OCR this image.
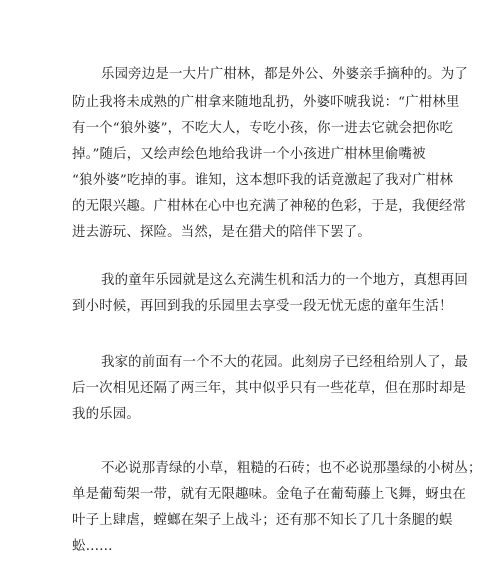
乐园旁边是一大片广柑林，都是外公、外婆亲手摘种的。为了
防止我将未成熟的广柑拿来随地乱扔，外婆吓唬我说：“广柑林里
有一个“狼外婆”，不吃大人，专吃小孩，你一进去它就会把你吃
掉。”随后，又绘声绘色地给我讲一个小孩进广柑林里偷嘴被
“狼外婆”吃掉的事。谁知，这本想吓我的话竟激起了我对广柑林
的无限兴趣。广柑林在心中也充满了神秘的色彩，于是，我便经常
进去游玩、探险。当然，是在猎犬的陪伴下罢了。
我的童年乐园就是这么充满生机和活力的一个地方，真想再回
到小时候，再回到我的乐园里去享受一段无忧无虑的童年生活！
我家的前面有一个不大的花园。此刻房子已经租给别人了，最
后一次相见还隔了两三年，其中似乎只有一些花草，但在那时却是
我的乐园。
不必说那青绿的小草，粗糙的石砖；也不必说那墨绿的小树丛；
单是葡萄架一带，就有无限趣味。金龟子在葡萄藤上飞舞，蚜虫在
叶子上肆虐，螳螂在架子上战斗；还有那不知长了几十条腿的蜈
蚣……
